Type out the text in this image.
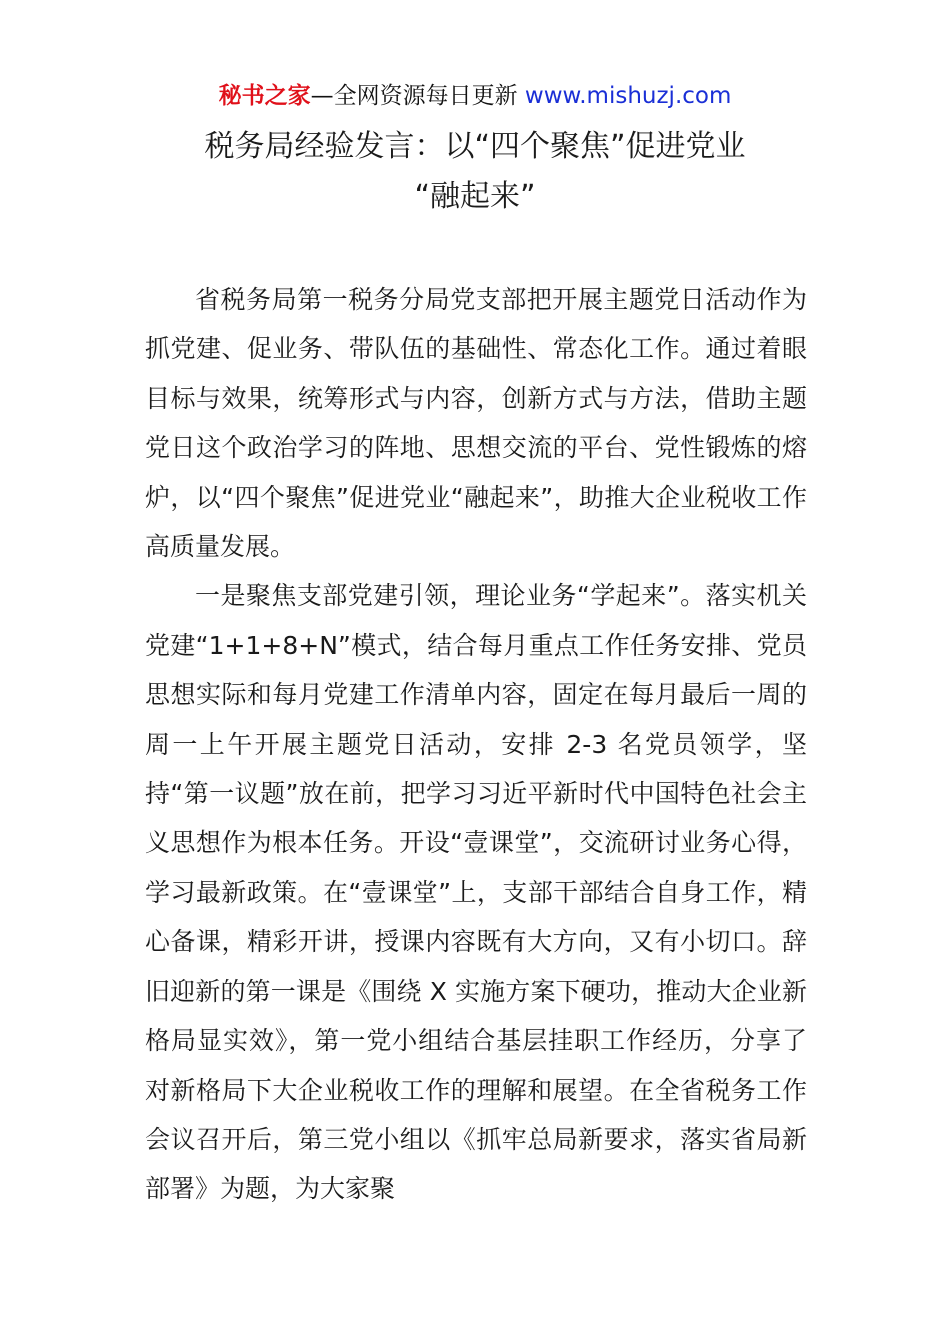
秘书之家—全网资源每日更新 www.mishuzj.com
税务局经验发言：以“四个聚焦”促进党业
“融起来”

省税务局第一税务分局党支部把开展主题党日活动作为抓党建、促业务、带队伍的基础性、常态化工作。通过着眼目标与效果，统筹形式与内容，创新方式与方法，借助主题党日这个政治学习的阵地、思想交流的平台、党性锻炼的熔炉，以“四个聚焦”促进党业“融起来”，助推大企业税收工作高质量发展。

一是聚焦支部党建引领，理论业务“学起来”。落实机关党建“1+1+8+N”模式，结合每月重点工作任务安排、党员思想实际和每月党建工作清单内容，固定在每月最后一周的周一上午开展主题党日活动，安排 2-3 名党员领学，坚持“第一议题”放在前，把学习习近平新时代中国特色社会主义思想作为根本任务。开设“壹课堂”，交流研讨业务心得，学习最新政策。在“壹课堂”上，支部干部结合自身工作，精心备课，精彩开讲，授课内容既有大方向，又有小切口。辞旧迎新的第一课是《围绕 X 实施方案下硬功，推动大企业新格局显实效》，第一党小组结合基层挂职工作经历，分享了对新格局下大企业税收工作的理解和展望。在全省税务工作会议召开后，第三党小组以《抓牢总局新要求，落实省局新部署》为题，为大家聚
